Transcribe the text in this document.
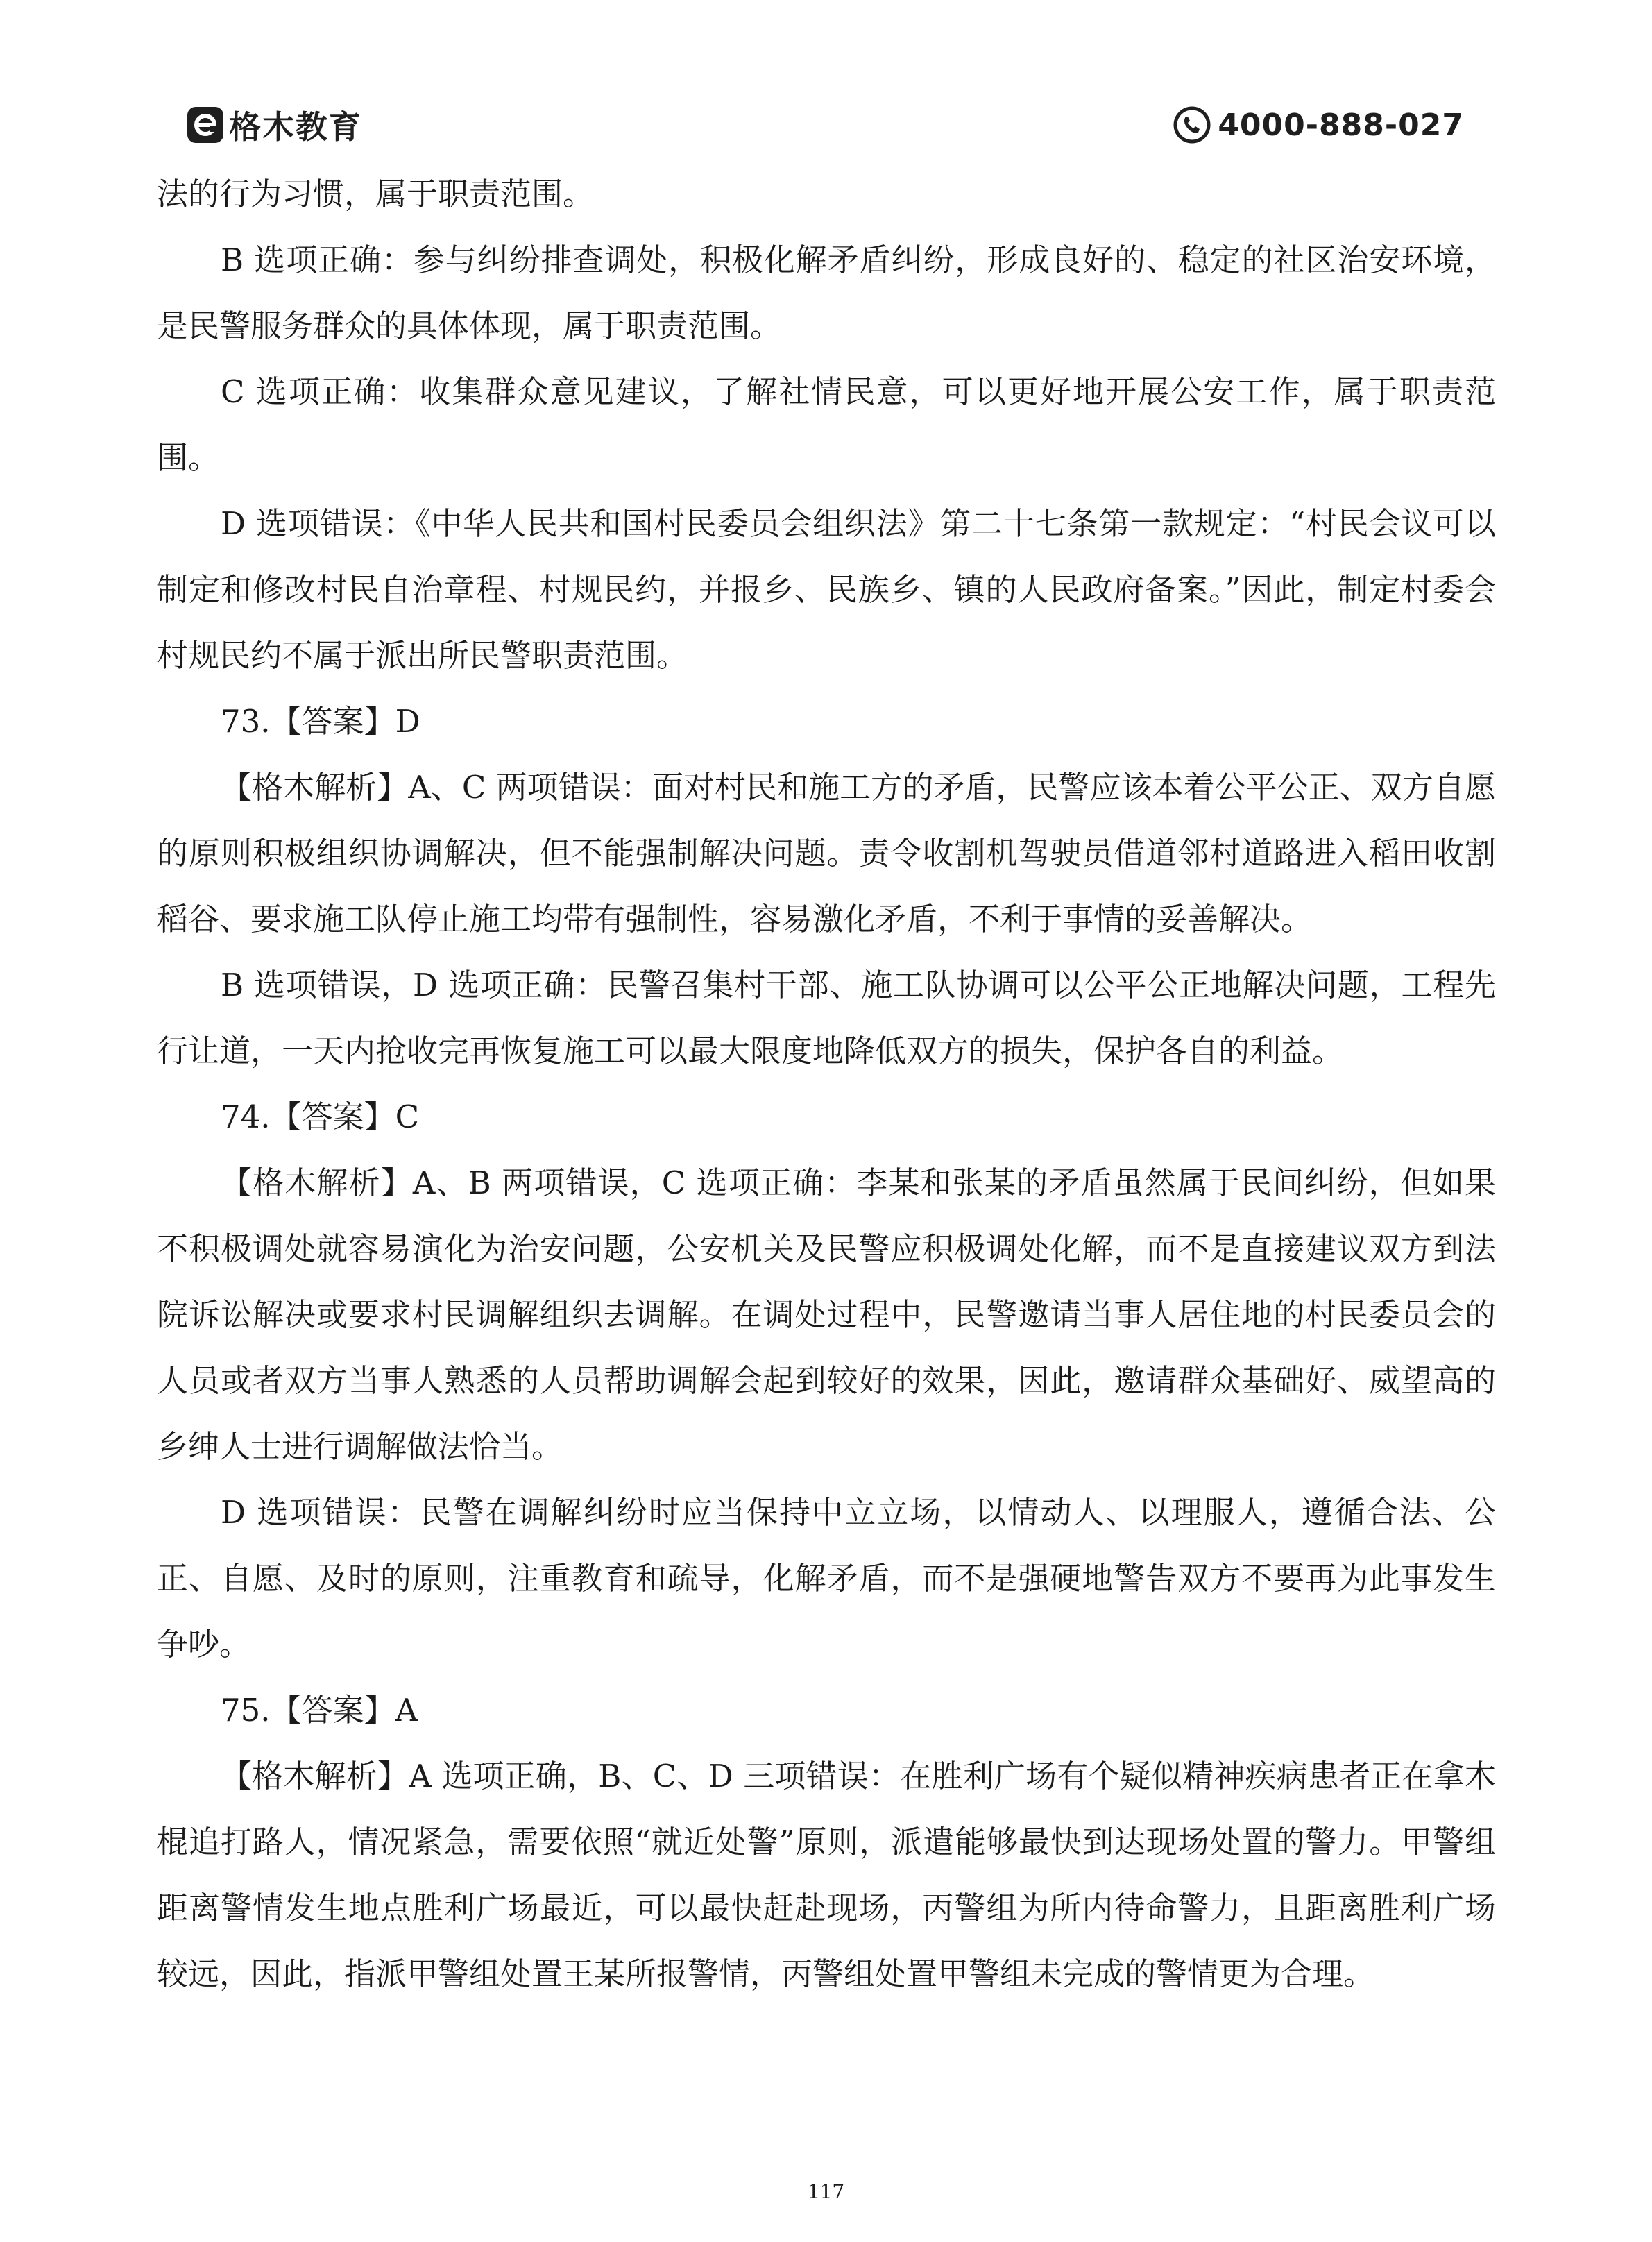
格木教育	4000-888-027

法的行为习惯，属于职责范围。

B 选项正确：参与纠纷排查调处，积极化解矛盾纠纷，形成良好的、稳定的社区治安环境，是民警服务群众的具体体现，属于职责范围。

C 选项正确：收集群众意见建议，了解社情民意，可以更好地开展公安工作，属于职责范围。

D 选项错误：《中华人民共和国村民委员会组织法》第二十七条第一款规定：“村民会议可以制定和修改村民自治章程、村规民约，并报乡、民族乡、镇的人民政府备案。”因此，制定村委会村规民约不属于派出所民警职责范围。

73.【答案】D

【格木解析】A、C 两项错误：面对村民和施工方的矛盾，民警应该本着公平公正、双方自愿的原则积极组织协调解决，但不能强制解决问题。责令收割机驾驶员借道邻村道路进入稻田收割稻谷、要求施工队停止施工均带有强制性，容易激化矛盾，不利于事情的妥善解决。

B 选项错误，D 选项正确：民警召集村干部、施工队协调可以公平公正地解决问题，工程先行让道，一天内抢收完再恢复施工可以最大限度地降低双方的损失，保护各自的利益。

74.【答案】C

【格木解析】A、B 两项错误，C 选项正确：李某和张某的矛盾虽然属于民间纠纷，但如果不积极调处就容易演化为治安问题，公安机关及民警应积极调处化解，而不是直接建议双方到法院诉讼解决或要求村民调解组织去调解。在调处过程中，民警邀请当事人居住地的村民委员会的人员或者双方当事人熟悉的人员帮助调解会起到较好的效果，因此，邀请群众基础好、威望高的乡绅人士进行调解做法恰当。

D 选项错误：民警在调解纠纷时应当保持中立立场，以情动人、以理服人，遵循合法、公正、自愿、及时的原则，注重教育和疏导，化解矛盾，而不是强硬地警告双方不要再为此事发生争吵。

75.【答案】A

【格木解析】A 选项正确，B、C、D 三项错误：在胜利广场有个疑似精神疾病患者正在拿木棍追打路人，情况紧急，需要依照“就近处警”原则，派遣能够最快到达现场处置的警力。甲警组距离警情发生地点胜利广场最近，可以最快赶赴现场，丙警组为所内待命警力，且距离胜利广场较远，因此，指派甲警组处置王某所报警情，丙警组处置甲警组未完成的警情更为合理。

117
